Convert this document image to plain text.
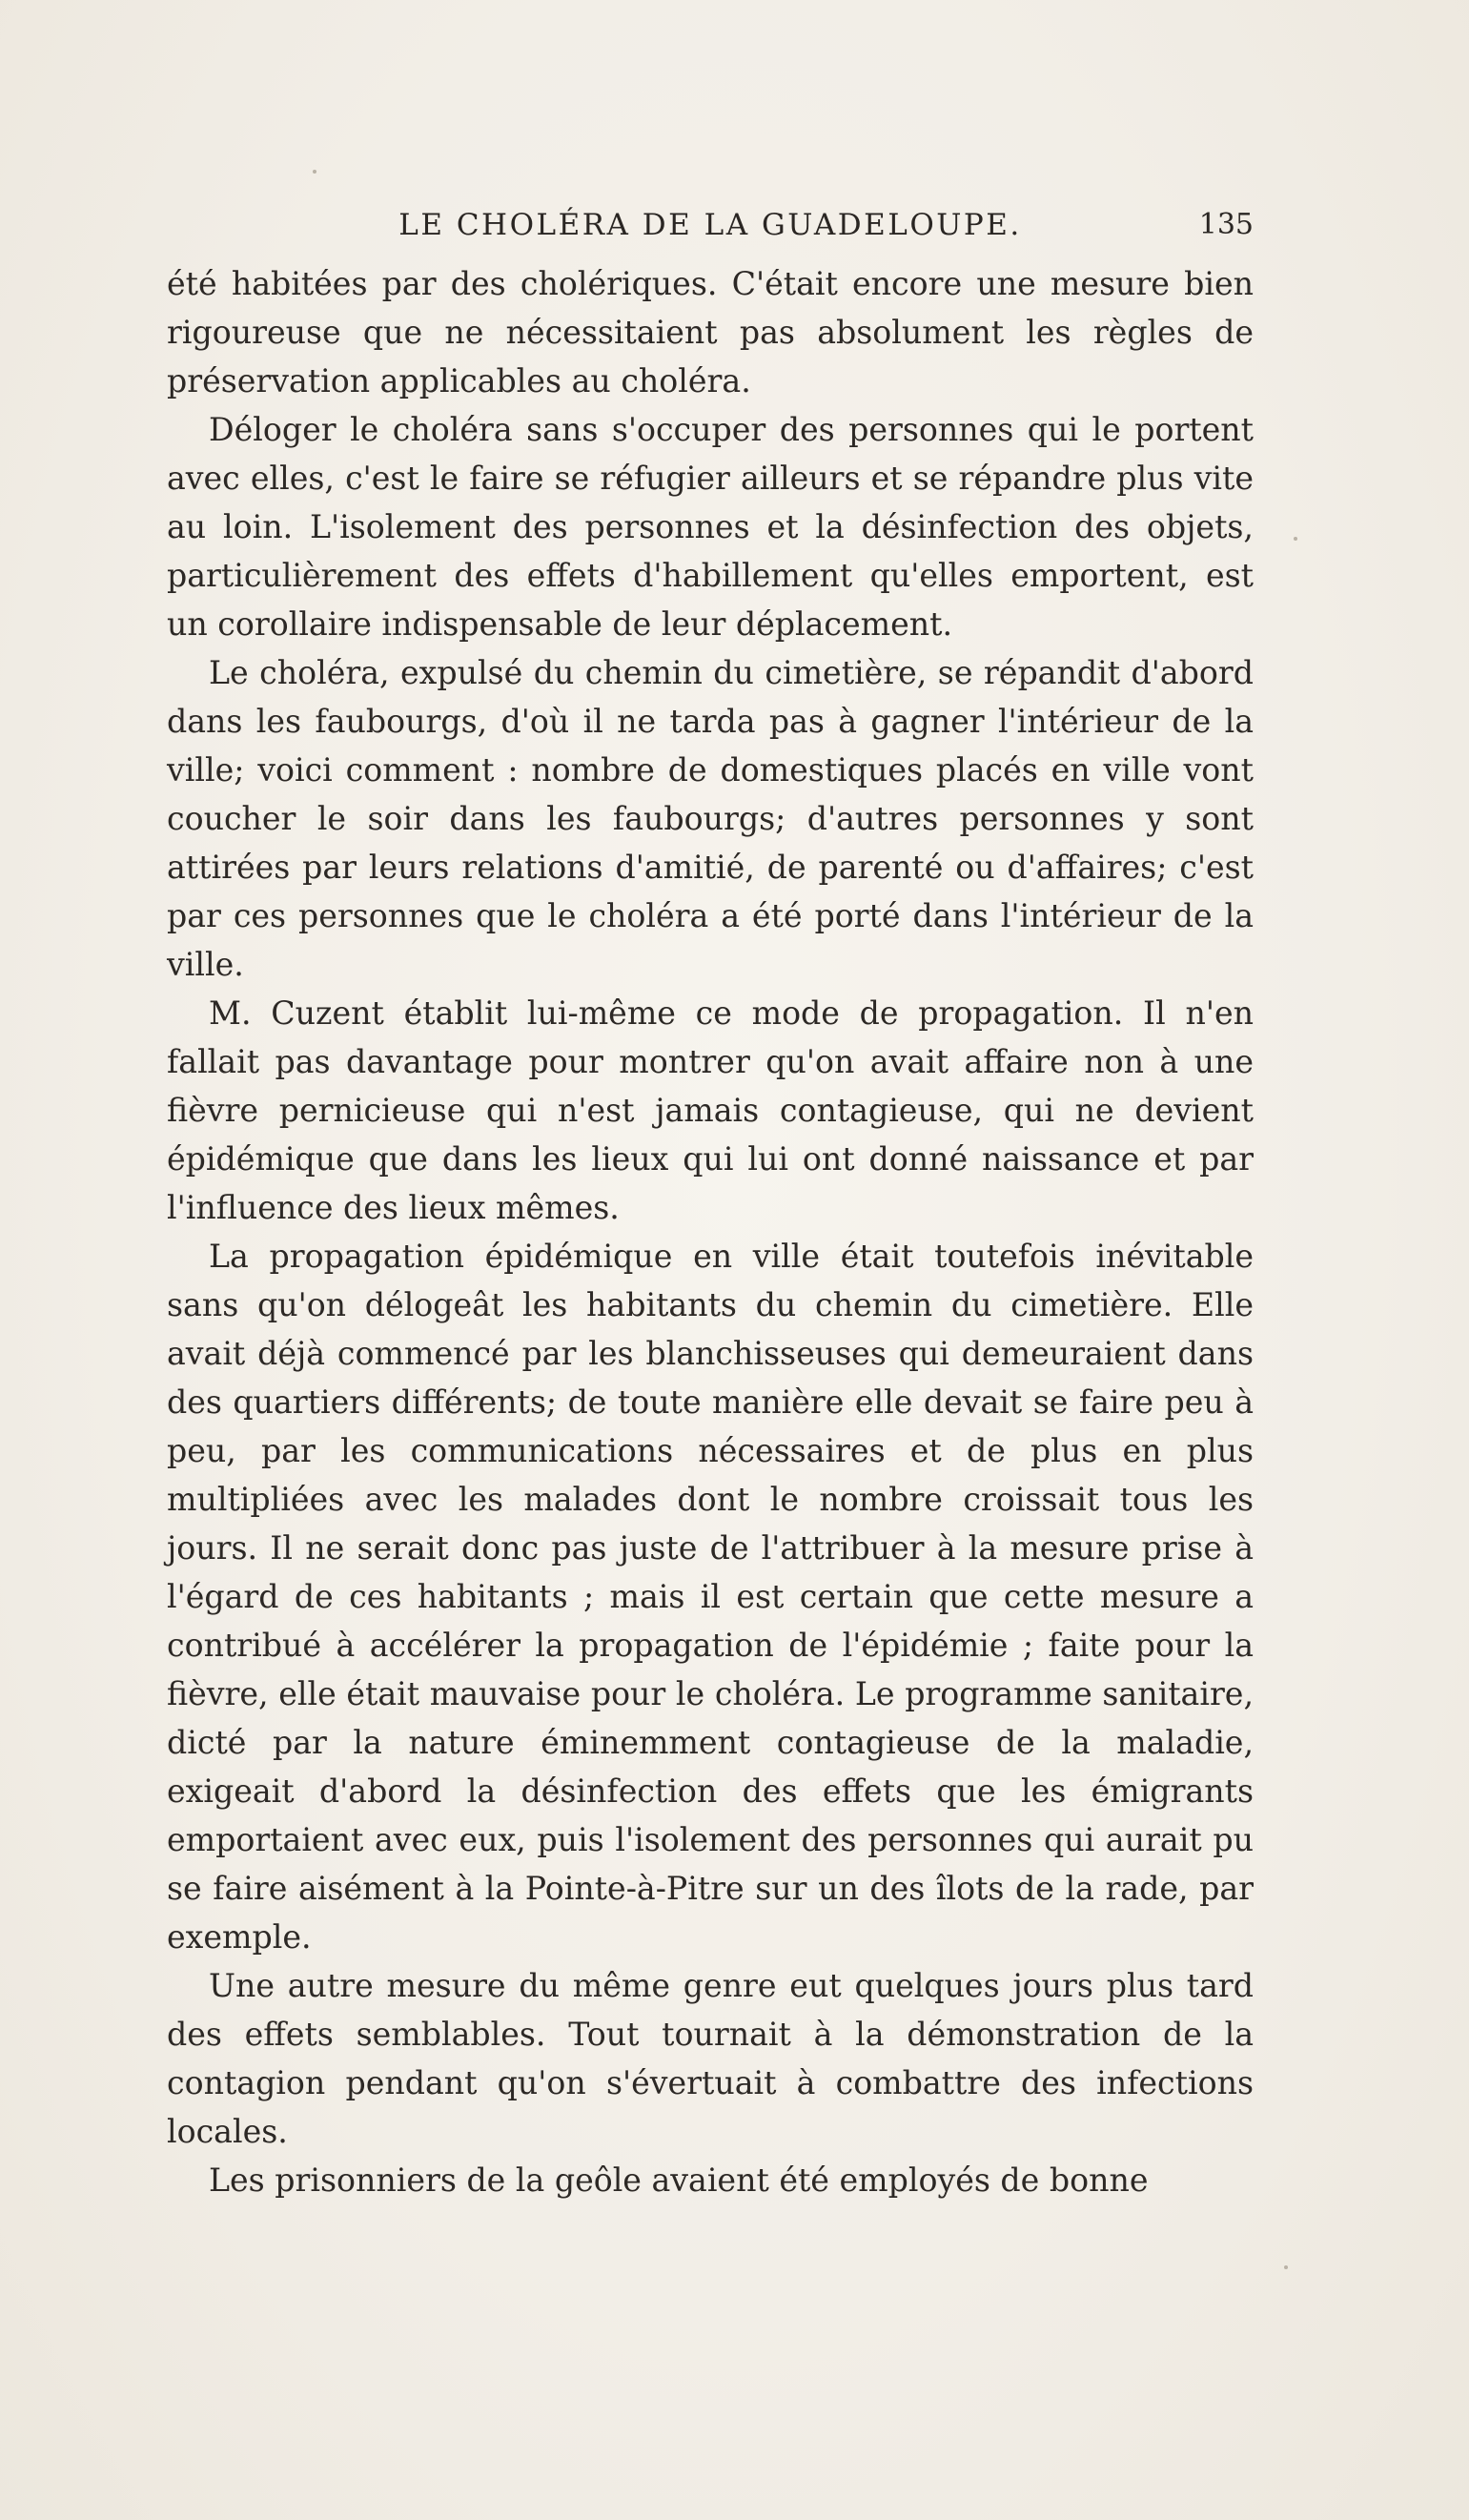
LE CHOLÉRA DE LA GUADELOUPE.	135

été habitées par des cholériques. C'était encore une mesure bien rigoureuse que ne nécessitaient pas absolument les règles de préservation applicables au choléra.

Déloger le choléra sans s'occuper des personnes qui le portent avec elles, c'est le faire se réfugier ailleurs et se répandre plus vite au loin. L'isolement des personnes et la désinfection des objets, particulièrement des effets d'habillement qu'elles emportent, est un corollaire indispensable de leur déplacement.

Le choléra, expulsé du chemin du cimetière, se répandit d'abord dans les faubourgs, d'où il ne tarda pas à gagner l'intérieur de la ville; voici comment : nombre de domestiques placés en ville vont coucher le soir dans les faubourgs; d'autres personnes y sont attirées par leurs relations d'amitié, de parenté ou d'affaires; c'est par ces personnes que le choléra a été porté dans l'intérieur de la ville.

M. Cuzent établit lui-même ce mode de propagation. Il n'en fallait pas davantage pour montrer qu'on avait affaire non à une fièvre pernicieuse qui n'est jamais contagieuse, qui ne devient épidémique que dans les lieux qui lui ont donné naissance et par l'influence des lieux mêmes.

La propagation épidémique en ville était toutefois inévitable sans qu'on délogeât les habitants du chemin du cimetière. Elle avait déjà commencé par les blanchisseuses qui demeuraient dans des quartiers différents; de toute manière elle devait se faire peu à peu, par les communications nécessaires et de plus en plus multipliées avec les malades dont le nombre croissait tous les jours. Il ne serait donc pas juste de l'attribuer à la mesure prise à l'égard de ces habitants ; mais il est certain que cette mesure a contribué à accélérer la propagation de l'épidémie ; faite pour la fièvre, elle était mauvaise pour le choléra. Le programme sanitaire, dicté par la nature éminemment contagieuse de la maladie, exigeait d'abord la désinfection des effets que les émigrants emportaient avec eux, puis l'isolement des personnes qui aurait pu se faire aisément à la Pointe-à-Pitre sur un des îlots de la rade, par exemple.

Une autre mesure du même genre eut quelques jours plus tard des effets semblables. Tout tournait à la démonstration de la contagion pendant qu'on s'évertuait à combattre des infections locales.

Les prisonniers de la geôle avaient été employés de bonne
